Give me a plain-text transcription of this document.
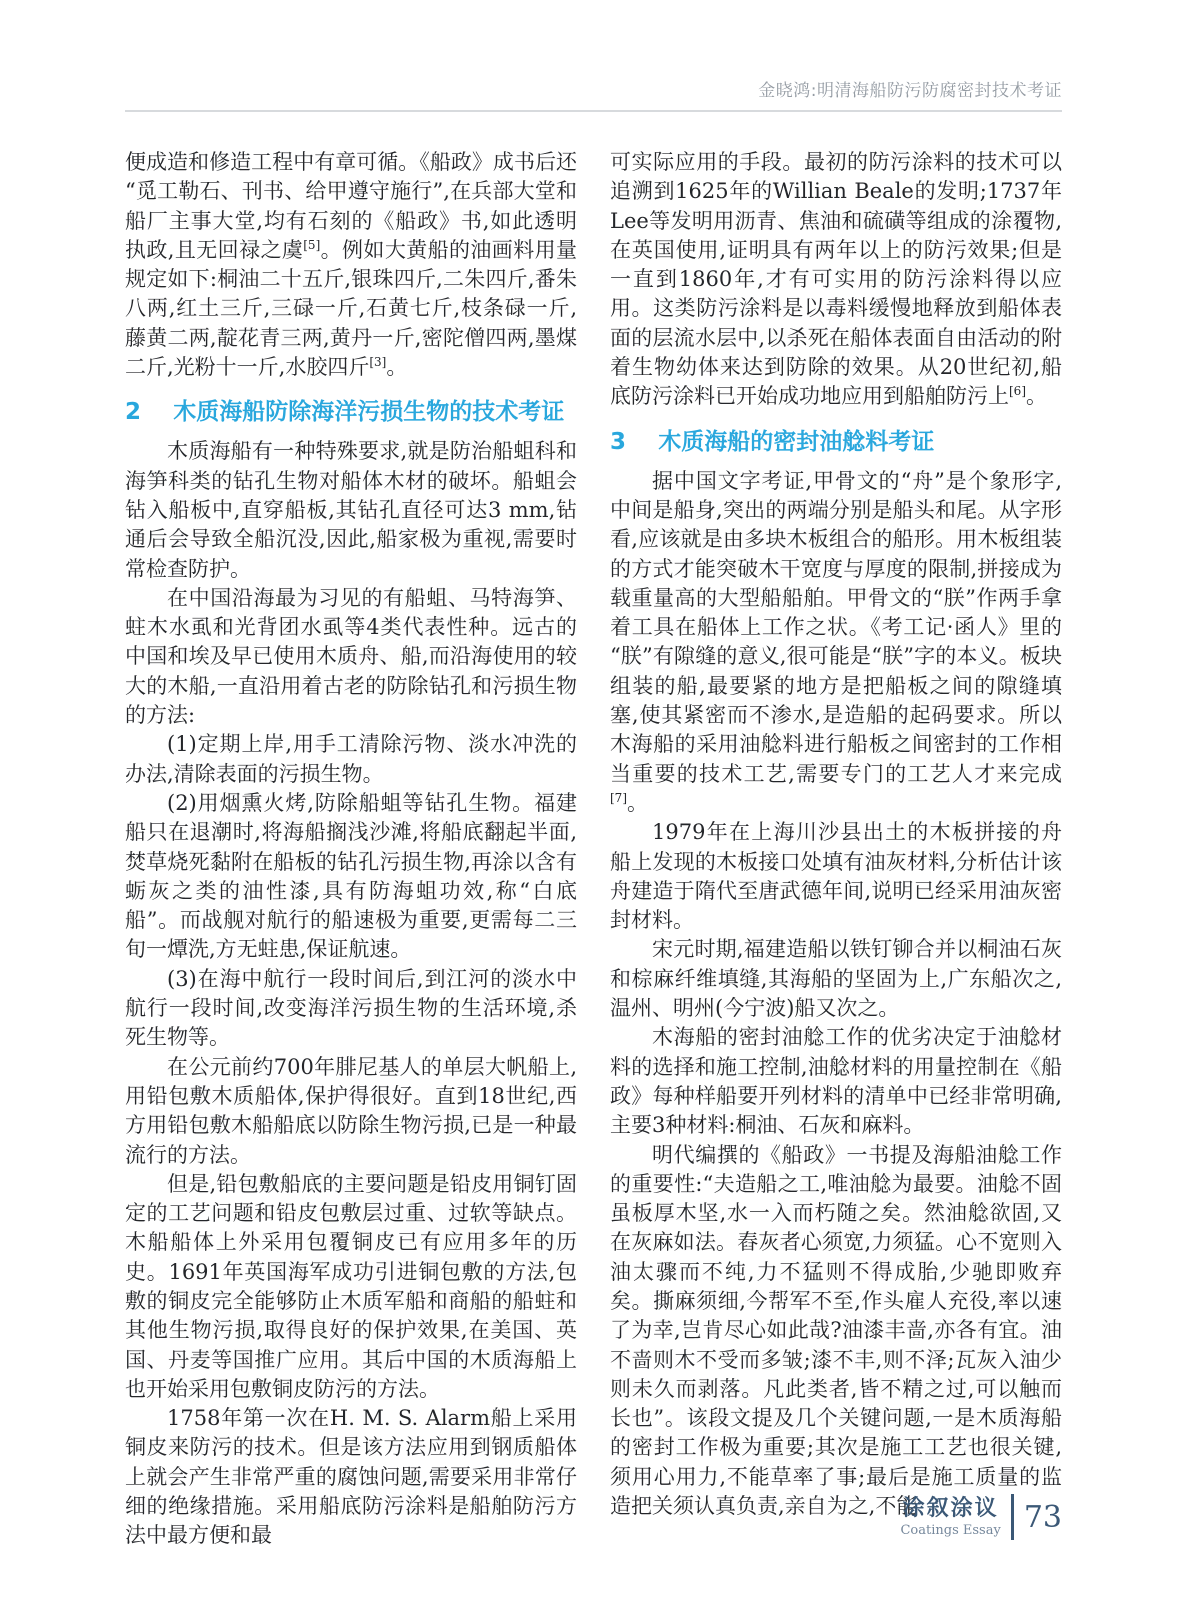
金晓鸿:明清海船防污防腐密封技术考证

便成造和修造工程中有章可循。《船政》成书后还“觅工勒石、刊书、给甲遵守施行”,在兵部大堂和船厂主事大堂,均有石刻的《船政》书,如此透明执政,且无回禄之虞[5]。例如大黄船的油画料用量规定如下:桐油二十五斤,银珠四斤,二朱四斤,番朱八两,红土三斤,三碌一斤,石黄七斤,枝条碌一斤,藤黄二两,靛花青三两,黄丹一斤,密陀僧四两,墨煤二斤,光粉十一斤,水胶四斤[3]。

2	木质海船防除海洋污损生物的技术考证

木质海船有一种特殊要求,就是防治船蛆科和海笋科类的钻孔生物对船体木材的破坏。船蛆会钻入船板中,直穿船板,其钻孔直径可达3 mm,钻通后会导致全船沉没,因此,船家极为重视,需要时常检查防护。

在中国沿海最为习见的有船蛆、马特海笋、蛀木水虱和光背团水虱等4类代表性种。远古的中国和埃及早已使用木质舟、船,而沿海使用的较大的木船,一直沿用着古老的防除钻孔和污损生物的方法:

(1)定期上岸,用手工清除污物、淡水冲洗的办法,清除表面的污损生物。

(2)用烟熏火烤,防除船蛆等钻孔生物。福建船只在退潮时,将海船搁浅沙滩,将船底翻起半面,焚草烧死黏附在船板的钻孔污损生物,再涂以含有蛎灰之类的油性漆,具有防海蛆功效,称“白底船”。而战舰对航行的船速极为重要,更需每二三旬一燂洗,方无蛀患,保证航速。

(3)在海中航行一段时间后,到江河的淡水中航行一段时间,改变海洋污损生物的生活环境,杀死生物等。

在公元前约700年腓尼基人的单层大帆船上,用铅包敷木质船体,保护得很好。直到18世纪,西方用铅包敷木船船底以防除生物污损,已是一种最流行的方法。

但是,铅包敷船底的主要问题是铅皮用铜钉固定的工艺问题和铅皮包敷层过重、过软等缺点。木船船体上外采用包覆铜皮已有应用多年的历史。1691年英国海军成功引进铜包敷的方法,包敷的铜皮完全能够防止木质军船和商船的船蛀和其他生物污损,取得良好的保护效果,在美国、英国、丹麦等国推广应用。其后中国的木质海船上也开始采用包敷铜皮防污的方法。

1758年第一次在H. M. S. Alarm船上采用铜皮来防污的技术。但是该方法应用到钢质船体上就会产生非常严重的腐蚀问题,需要采用非常仔细的绝缘措施。采用船底防污涂料是船舶防污方法中最方便和最

可实际应用的手段。最初的防污涂料的技术可以追溯到1625年的Willian Beale的发明;1737年Lee等发明用沥青、焦油和硫磺等组成的涂覆物,在英国使用,证明具有两年以上的防污效果;但是一直到1860年,才有可实用的防污涂料得以应用。这类防污涂料是以毒料缓慢地释放到船体表面的层流水层中,以杀死在船体表面自由活动的附着生物幼体来达到防除的效果。从20世纪初,船底防污涂料已开始成功地应用到船舶防污上[6]。

3	木质海船的密封油艌料考证

据中国文字考证,甲骨文的“舟”是个象形字,中间是船身,突出的两端分别是船头和尾。从字形看,应该就是由多块木板组合的船形。用木板组装的方式才能突破木干宽度与厚度的限制,拼接成为载重量高的大型船船舶。甲骨文的“朕”作两手拿着工具在船体上工作之状。《考工记·函人》里的“朕”有隙缝的意义,很可能是“朕”字的本义。板块组装的船,最要紧的地方是把船板之间的隙缝填塞,使其紧密而不渗水,是造船的起码要求。所以木海船的采用油艌料进行船板之间密封的工作相当重要的技术工艺,需要专门的工艺人才来完成[7]。

1979年在上海川沙县出土的木板拼接的舟船上发现的木板接口处填有油灰材料,分析估计该舟建造于隋代至唐武德年间,说明已经采用油灰密封材料。

宋元时期,福建造船以铁钉铆合并以桐油石灰和棕麻纤维填缝,其海船的坚固为上,广东船次之,温州、明州(今宁波)船又次之。

木海船的密封油艌工作的优劣决定于油艌材料的选择和施工控制,油艌材料的用量控制在《船政》每种样船要开列材料的清单中已经非常明确,主要3种材料:桐油、石灰和麻料。

明代编撰的《船政》一书提及海船油艌工作的重要性:“夫造船之工,唯油艌为最要。油艌不固虽板厚木坚,水一入而朽随之矣。然油艌欲固,又在灰麻如法。舂灰者心须宽,力须猛。心不宽则入油太骤而不纯,力不猛则不得成胎,少驰即败弃矣。撕麻须细,今帮军不至,作头雇人充役,率以速了为幸,岂肯尽心如此哉?油漆丰啬,亦各有宜。油不啬则木不受而多皱;漆不丰,则不泽;瓦灰入油少则未久而剥落。凡此类者,皆不精之过,可以触而长也”。该段文提及几个关键问题,一是木质海船的密封工作极为重要;其次是施工工艺也很关键,须用心用力,不能草率了事;最后是施工质量的监造把关须认真负责,亲自为之,不能

涂叙涂议
Coatings Essay 73
